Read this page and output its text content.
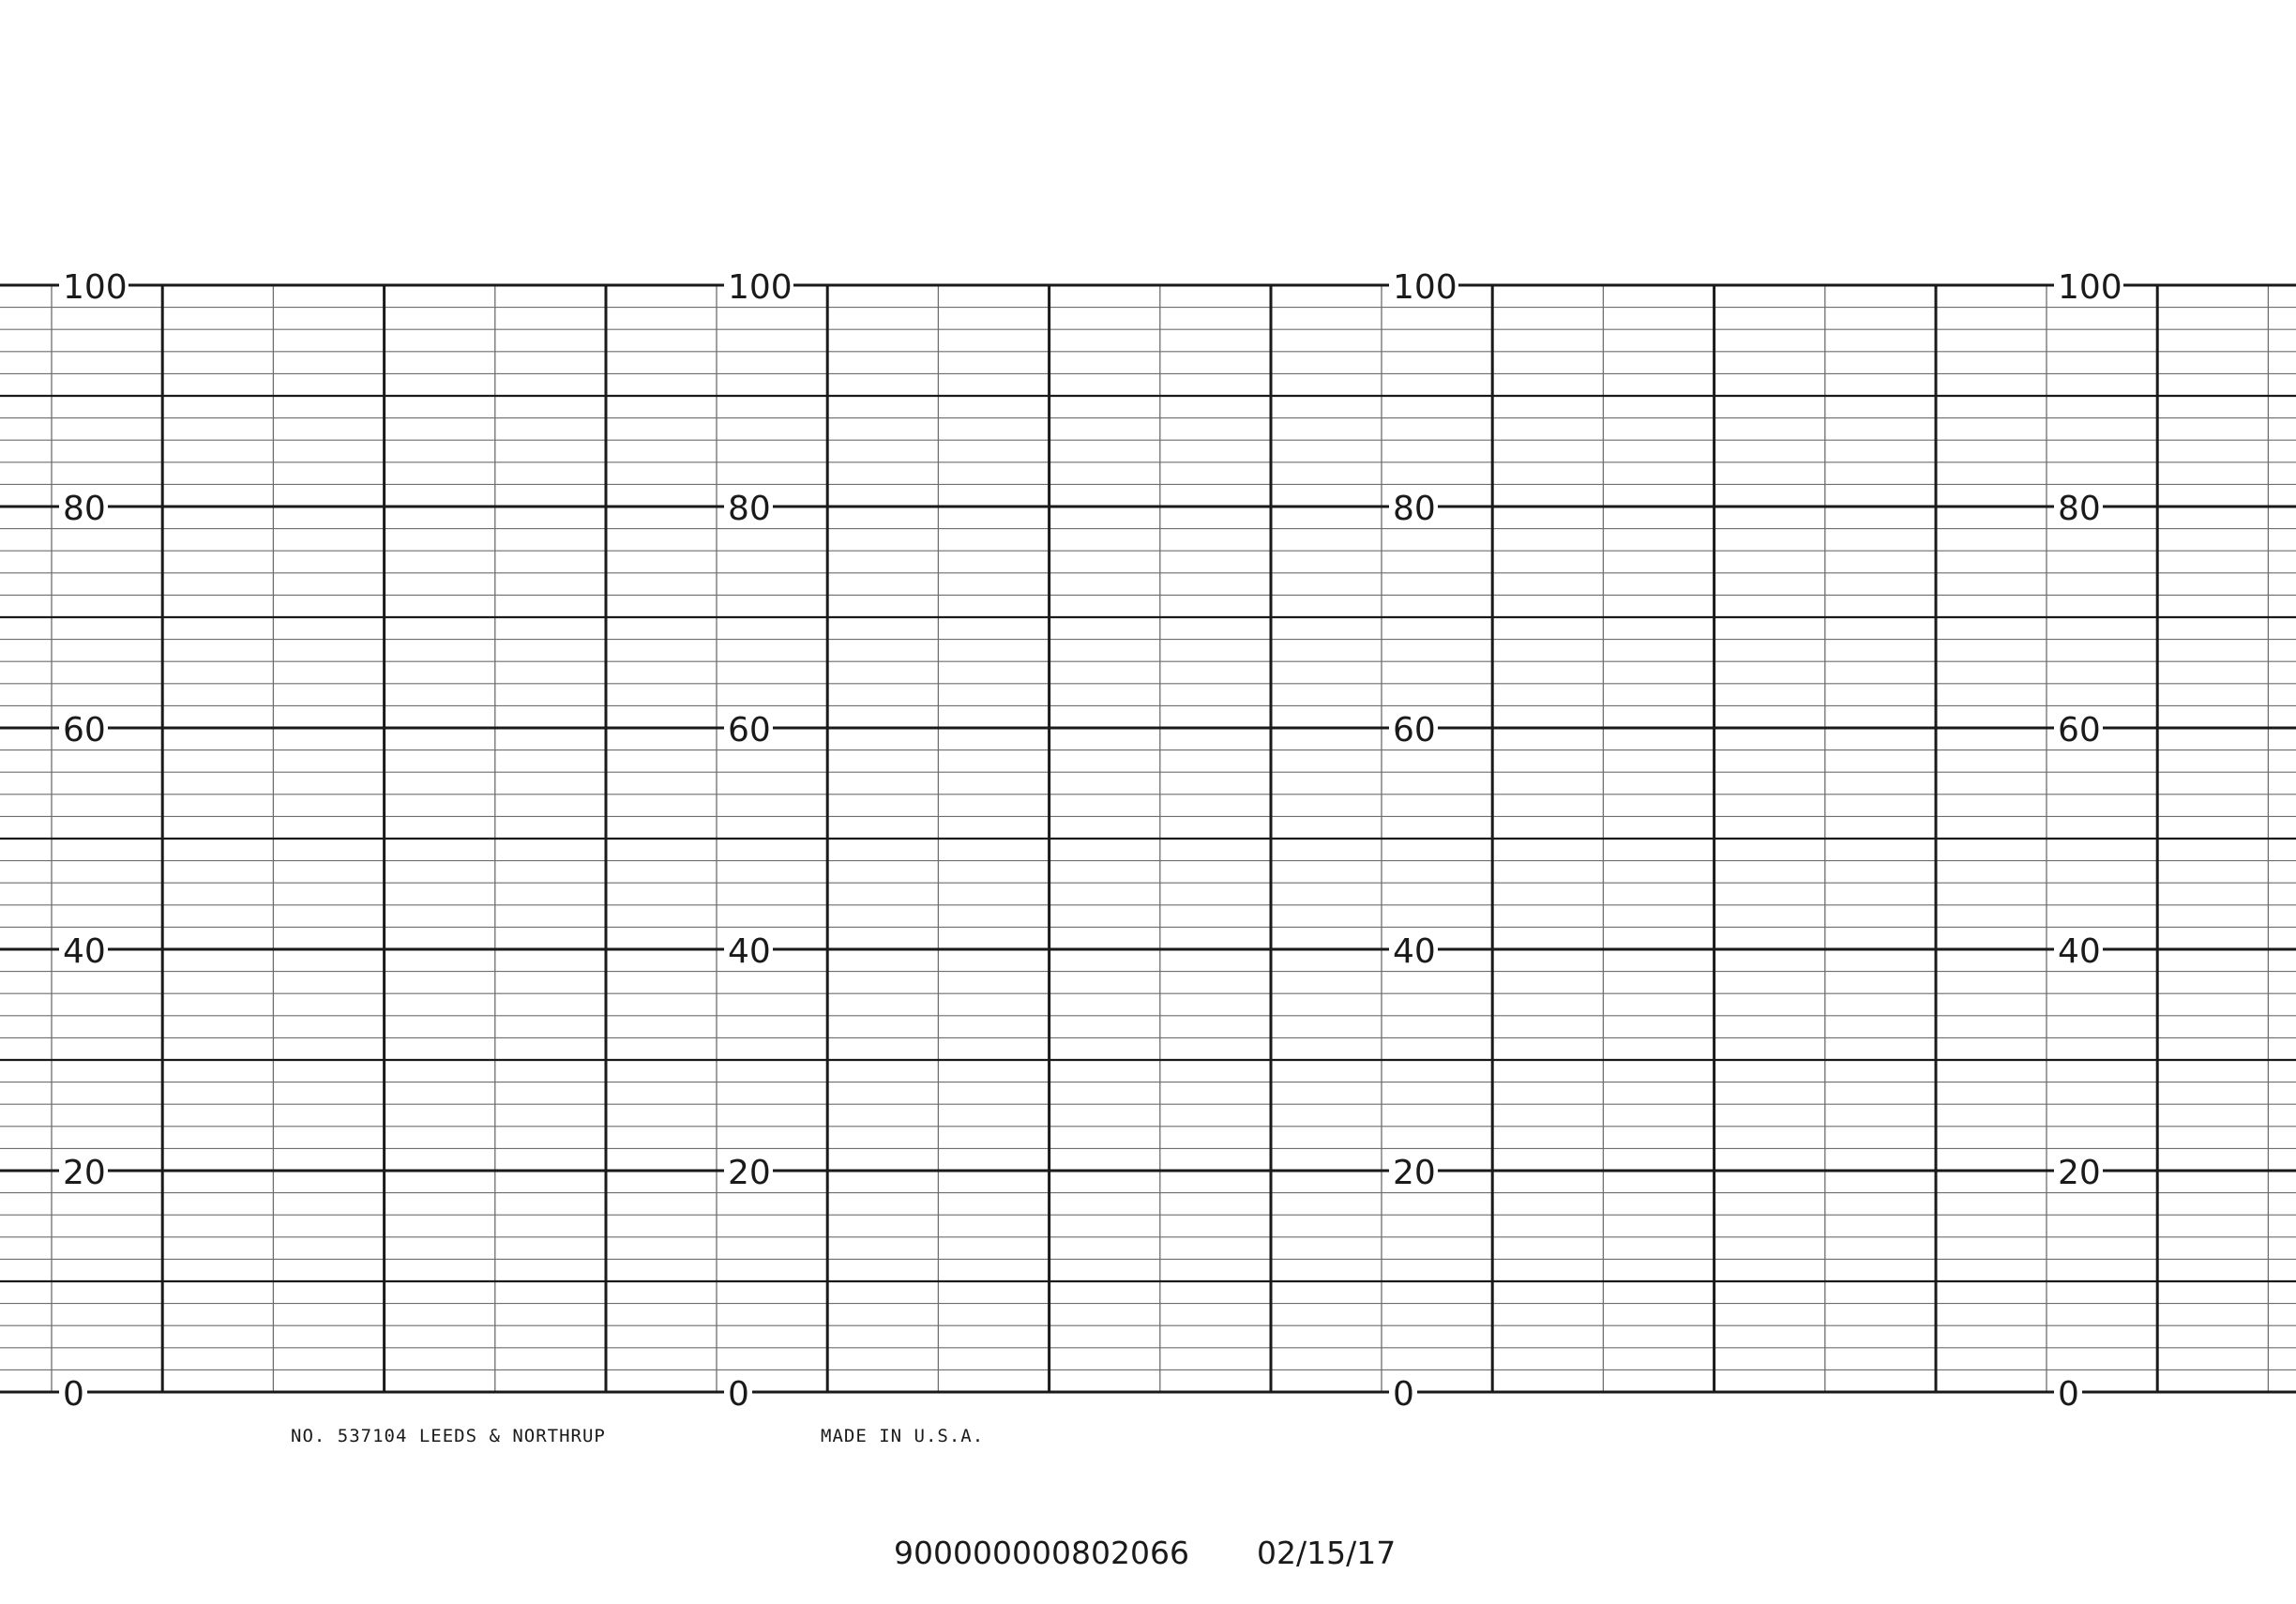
100
80
60
40
20
0
100
80
60
40
20
0
100
80
60
40
20
0
100
80
60
40
20
0
NO. 537104 LEEDS & NORTHRUP	MADE IN U.S.A.
900000000802066 02/15/17
